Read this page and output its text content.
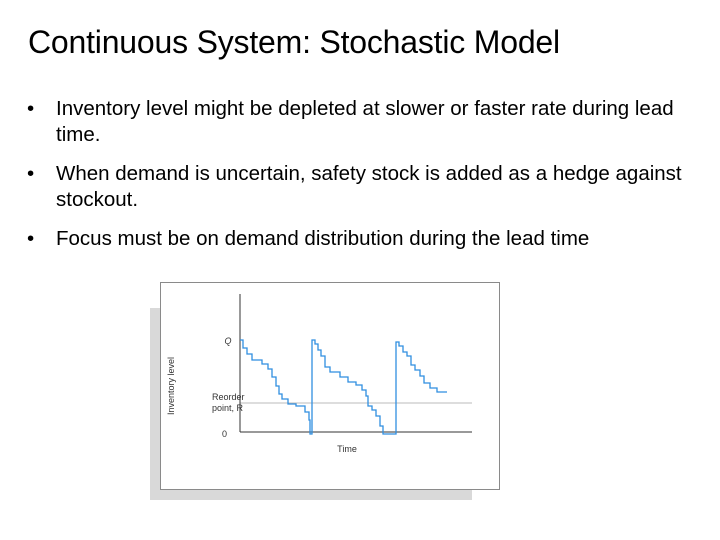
Continuous System: Stochastic Model
• Inventory level might be depleted at slower or faster rate during lead time.
• When demand is uncertain, safety stock is added as a hedge against stockout.
• Focus must be on demand distribution during the lead time
Inventory level
Q
Reorder
point, R
0
Time
